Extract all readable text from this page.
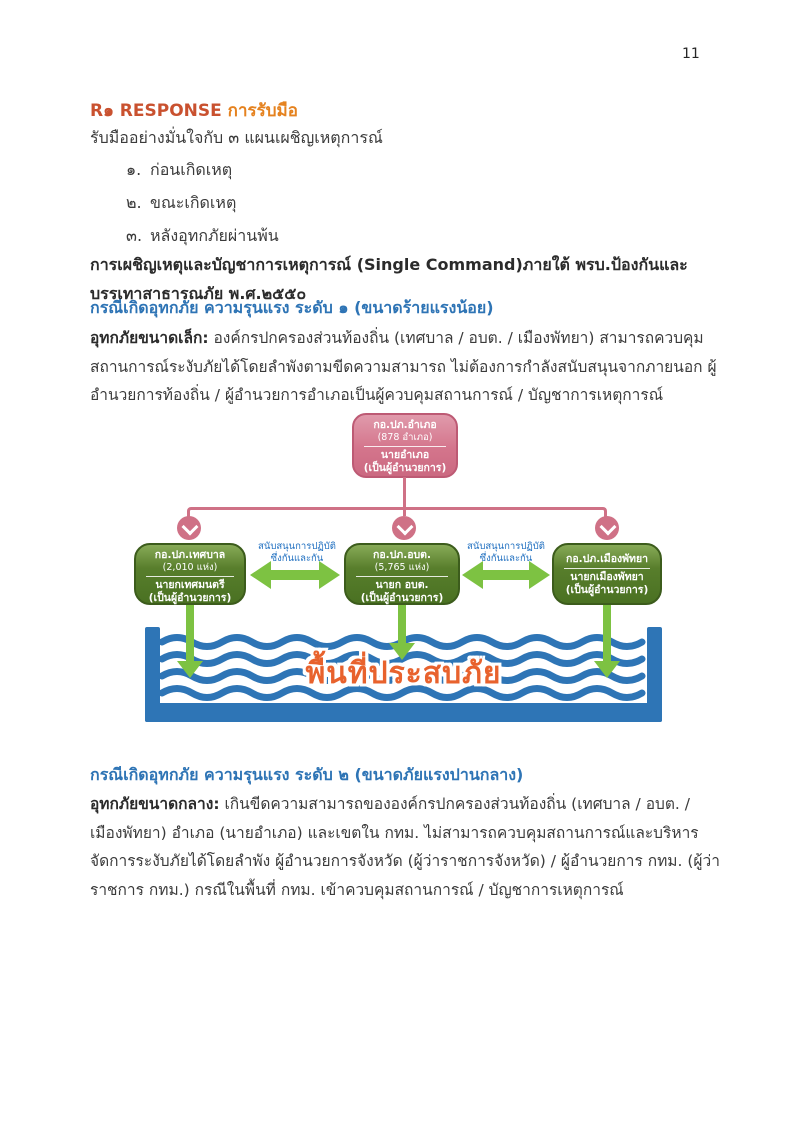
11
R๑ RESPONSE การรับมือ
รับมืออย่างมั่นใจกับ ๓ แผนเผชิญเหตุการณ์
๑. ก่อนเกิดเหตุ
๒. ขณะเกิดเหตุ
๓. หลังอุทกภัยผ่านพ้น
การเผชิญเหตุและบัญชาการเหตุการณ์ (Single Command)ภายใต้ พรบ.ป้องกันและบรรเทาสาธารณภัย พ.ศ.๒๕๕๐
กรณีเกิดอุทกภัย ความรุนแรง ระดับ ๑ (ขนาดร้ายแรงน้อย)
อุทกภัยขนาดเล็ก: องค์กรปกครองส่วนท้องถิ่น (เทศบาล / อบต. / เมืองพัทยา) สามารถควบคุมสถานการณ์ระงับภัยได้โดยลำพังตามขีดความสามารถ ไม่ต้องการกำลังสนับสนุนจากภายนอก ผู้อำนวยการท้องถิ่น / ผู้อำนวยการอำเภอเป็นผู้ควบคุมสถานการณ์ / บัญชาการเหตุการณ์
กอ.ปภ.อำเภอ
(878 อำเภอ)
นายอำเภอ
(เป็นผู้อำนวยการ)
กอ.ปภ.เทศบาล
(2,010 แห่ง)
นายกเทศมนตรี
(เป็นผู้อำนวยการ)
กอ.ปภ.อบต.
(5,765 แห่ง)
นายก อบต.
(เป็นผู้อำนวยการ)
กอ.ปภ.เมืองพัทยา
นายกเมืองพัทยา
(เป็นผู้อำนวยการ)
สนับสนุนการปฏิบัติ
ซึ่งกันและกัน
สนับสนุนการปฏิบัติ
ซึ่งกันและกัน
พื้นที่ประสบภัย
กรณีเกิดอุทกภัย ความรุนแรง ระดับ ๒ (ขนาดภัยแรงปานกลาง)
อุทกภัยขนาดกลาง: เกินขีดความสามารถขององค์กรปกครองส่วนท้องถิ่น (เทศบาล / อบต. / เมืองพัทยา) อำเภอ (นายอำเภอ) และเขตใน กทม. ไม่สามารถควบคุมสถานการณ์และบริหารจัดการระงับภัยได้โดยลำพัง ผู้อำนวยการจังหวัด (ผู้ว่าราชการจังหวัด) / ผู้อำนวยการ กทม. (ผู้ว่าราชการ กทม.) กรณีในพื้นที่ กทม. เข้าควบคุมสถานการณ์ / บัญชาการเหตุการณ์
